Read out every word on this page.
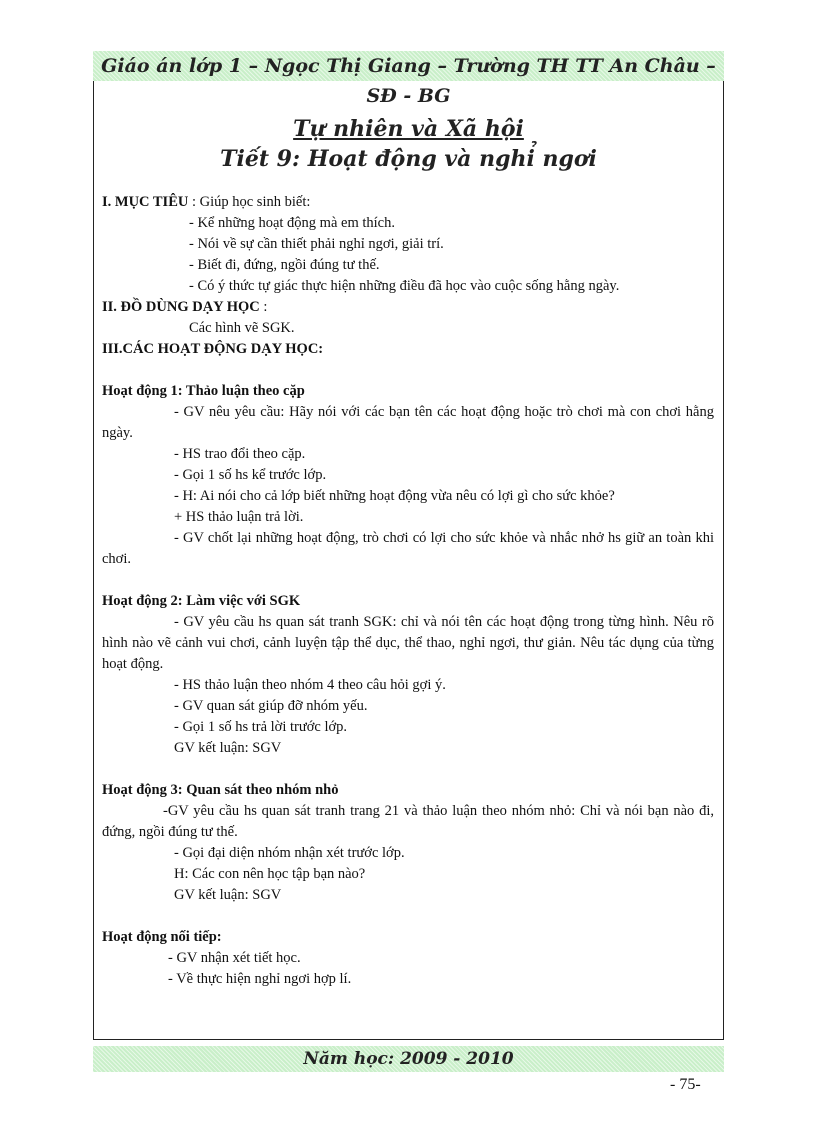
Giáo án lớp 1 – Ngọc Thị Giang – Trường TH TT An Châu – SĐ - BG
Tự nhiên và Xã hội
Tiết 9: Hoạt động và nghỉ ngơi

I. MỤC TIÊU : Giúp học sinh biết:

- Kể những hoạt động mà em thích.

- Nói về sự cần thiết phải nghỉ ngơi, giải trí.

- Biết đi, đứng, ngồi đúng tư thế.

- Có ý thức tự giác thực hiện những điều đã học vào cuộc sống hằng ngày.

II. ĐỒ DÙNG DẠY HỌC :

Các hình vẽ SGK.

III.CÁC HOẠT ĐỘNG DẠY HỌC:

Hoạt động 1: Thảo luận theo cặp

- GV nêu yêu cầu: Hãy nói với các bạn tên các hoạt động hoặc trò chơi mà con chơi hằng ngày.

- HS trao đổi theo cặp.

- Gọi 1 số hs kể trước lớp.

- H: Ai nói cho cả lớp biết những hoạt động vừa nêu có lợi gì cho sức khỏe?

+ HS thảo luận trả lời.

- GV chốt lại những hoạt động, trò chơi có lợi cho sức khỏe và nhắc nhở hs giữ an toàn khi chơi.

Hoạt động 2: Làm việc với SGK

- GV yêu cầu hs quan sát tranh SGK: chỉ và nói tên các hoạt động trong từng hình. Nêu rõ hình nào vẽ cảnh vui chơi, cảnh luyện tập thể dục, thể thao, nghỉ ngơi, thư giản. Nêu tác dụng của từng hoạt động.

- HS thảo luận theo nhóm 4 theo câu hỏi gợi ý.

- GV quan sát giúp đỡ nhóm yếu.

- Gọi 1 số hs trả lời trước lớp.

GV kết luận: SGV

Hoạt động 3: Quan sát theo nhóm nhỏ

-GV yêu cầu hs quan sát tranh trang 21 và thảo luận theo nhóm nhỏ: Chỉ và nói bạn nào đi, đứng, ngồi đúng tư thế.

- Gọi đại diện nhóm nhận xét trước lớp.

H: Các con nên học tập bạn nào?

GV kết luận: SGV

Hoạt động nối tiếp:

- GV nhận xét tiết học.

- Về thực hiện nghỉ ngơi hợp lí.

Năm học: 2009 - 2010
- 75-
